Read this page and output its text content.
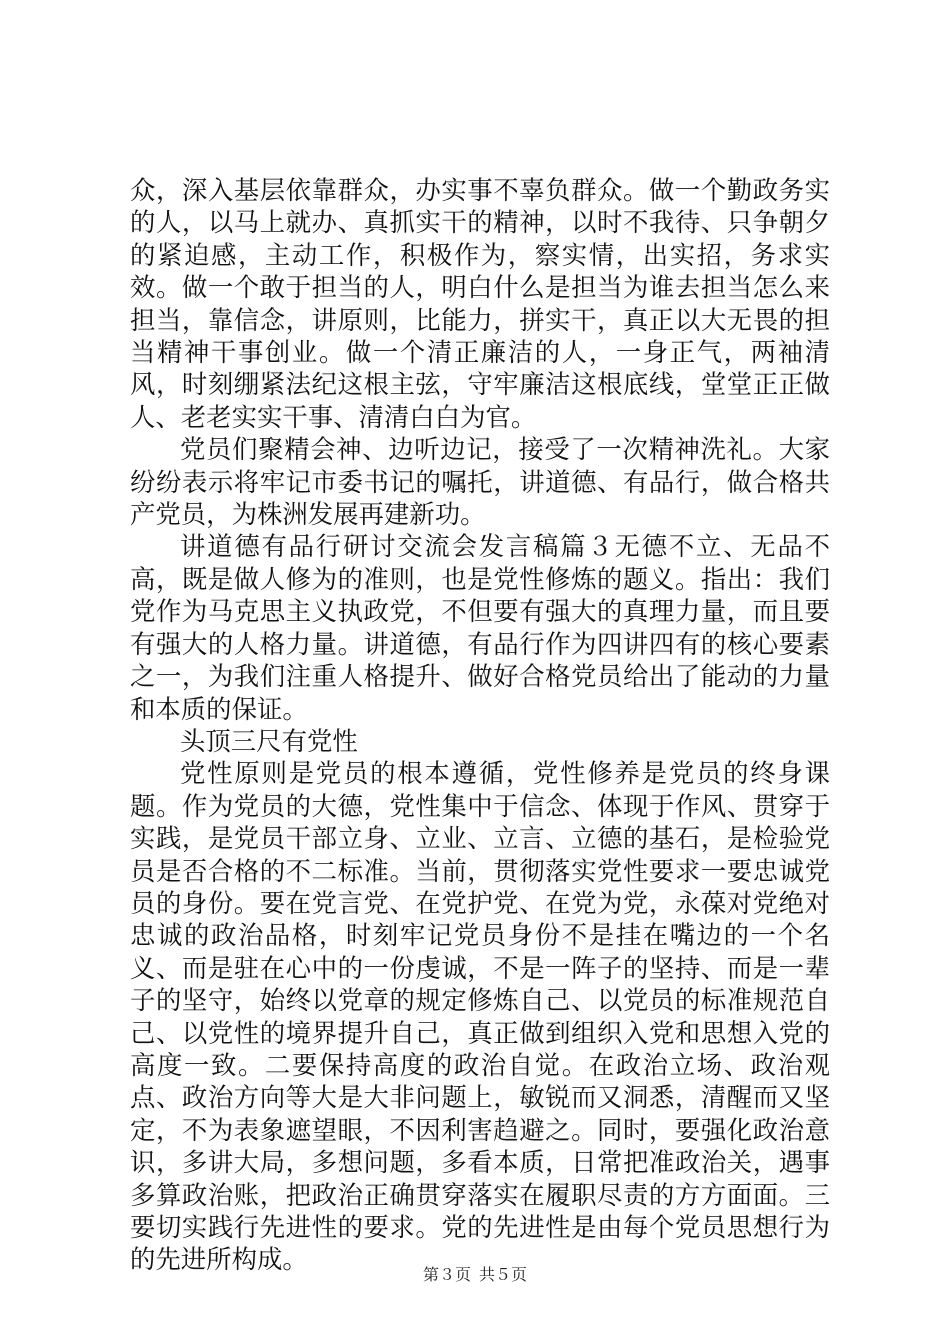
众，深入基层依靠群众，办实事不辜负群众。做一个勤政务实的人，以马上就办、真抓实干的精神，以时不我待、只争朝夕的紧迫感，主动工作，积极作为，察实情，出实招，务求实效。做一个敢于担当的人，明白什么是担当为谁去担当怎么来担当，靠信念，讲原则，比能力，拼实干，真正以大无畏的担当精神干事创业。做一个清正廉洁的人，一身正气，两袖清风，时刻绷紧法纪这根主弦，守牢廉洁这根底线，堂堂正正做人、老老实实干事、清清白白为官。

党员们聚精会神、边听边记，接受了一次精神洗礼。大家纷纷表示将牢记市委书记的嘱托，讲道德、有品行，做合格共产党员，为株洲发展再建新功。

讲道德有品行研讨交流会发言稿篇３无德不立、无品不高，既是做人修为的准则，也是党性修炼的题义。指出：我们党作为马克思主义执政党，不但要有强大的真理力量，而且要有强大的人格力量。讲道德，有品行作为四讲四有的核心要素之一，为我们注重人格提升、做好合格党员给出了能动的力量和本质的保证。

头顶三尺有党性

党性原则是党员的根本遵循，党性修养是党员的终身课题。作为党员的大德，党性集中于信念、体现于作风、贯穿于实践，是党员干部立身、立业、立言、立德的基石，是检验党员是否合格的不二标准。当前，贯彻落实党性要求一要忠诚党员的身份。要在党言党、在党护党、在党为党，永葆对党绝对忠诚的政治品格，时刻牢记党员身份不是挂在嘴边的一个名义、而是驻在心中的一份虔诚，不是一阵子的坚持、而是一辈子的坚守，始终以党章的规定修炼自己、以党员的标准规范自己、以党性的境界提升自己，真正做到组织入党和思想入党的高度一致。二要保持高度的政治自觉。在政治立场、政治观点、政治方向等大是大非问题上，敏锐而又洞悉，清醒而又坚定，不为表象遮望眼，不因利害趋避之。同时，要强化政治意识，多讲大局，多想问题，多看本质，日常把准政治关，遇事多算政治账，把政治正确贯穿落实在履职尽责的方方面面。三要切实践行先进性的要求。党的先进性是由每个党员思想行为的先进所构成。

第３页 共５页
